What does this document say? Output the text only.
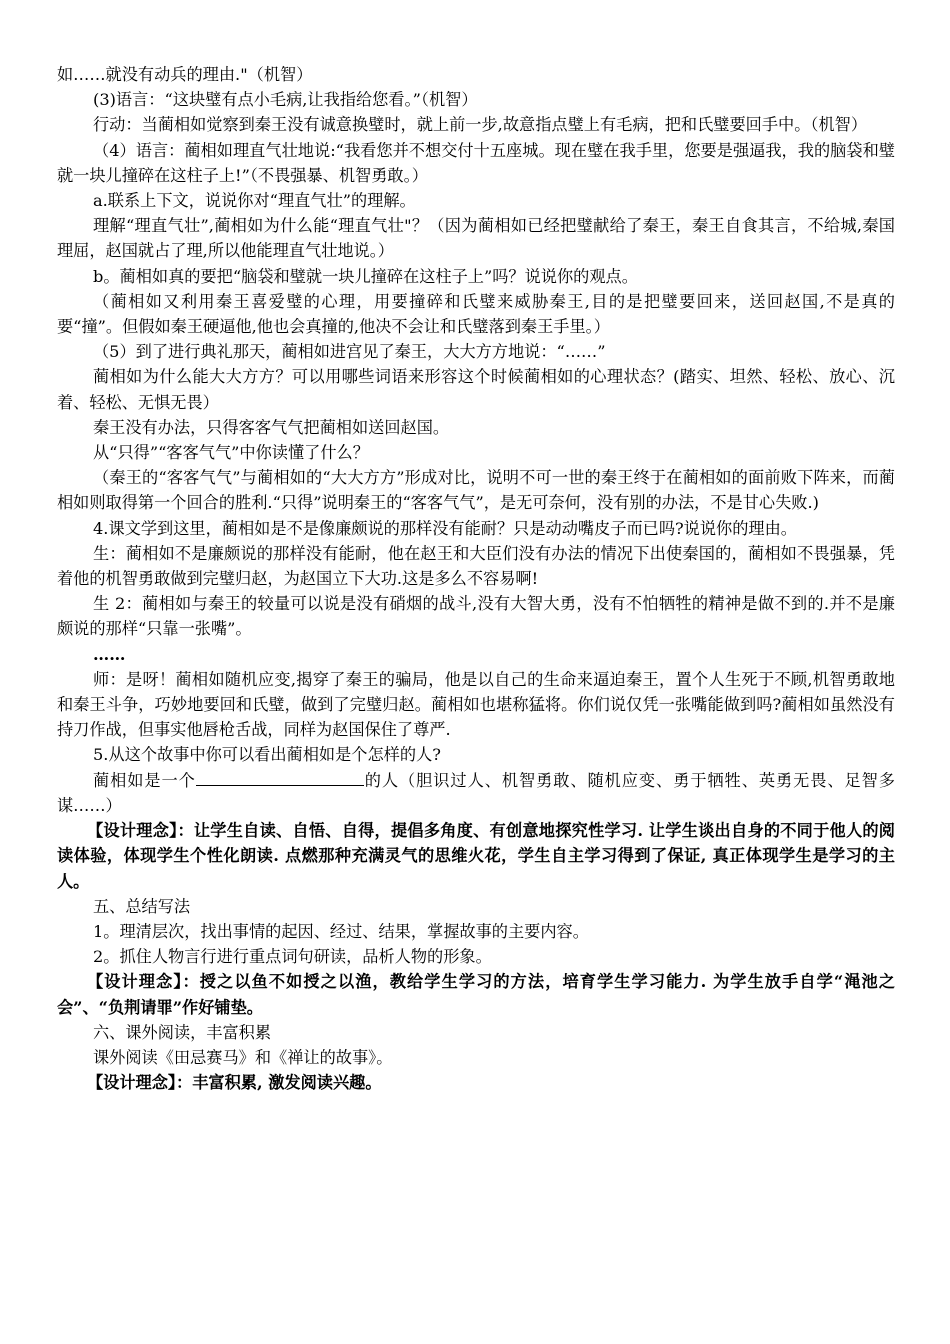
如……就没有动兵的理由."（机智）

(3)语言：“这块璧有点小毛病,让我指给您看。”（机智）

行动：当蔺相如觉察到秦王没有诚意换璧时，就上前一步,故意指点璧上有毛病，把和氏璧要回手中。（机智）

（4）语言：蔺相如理直气壮地说:“我看您并不想交付十五座城。现在璧在我手里，您要是强逼我，我的脑袋和璧就一块儿撞碎在这柱子上!”（不畏强暴、机智勇敢。）

a.联系上下文，说说你对“理直气壮”的理解。

理解“理直气壮”,蔺相如为什么能“理直气壮"？（因为蔺相如已经把璧献给了秦王，秦王自食其言，不给城,秦国理屈，赵国就占了理,所以他能理直气壮地说。）

b。蔺相如真的要把“脑袋和璧就一块儿撞碎在这柱子上”吗？说说你的观点。

（蔺相如又利用秦王喜爱璧的心理，用要撞碎和氏璧来威胁秦王,目的是把璧要回来，送回赵国,不是真的要“撞”。但假如秦王硬逼他,他也会真撞的,他决不会让和氏璧落到秦王手里。）

（5）到了进行典礼那天，蔺相如进宫见了秦王，大大方方地说：“……”

蔺相如为什么能大大方方？可以用哪些词语来形容这个时候蔺相如的心理状态？(踏实、坦然、轻松、放心、沉着、轻松、无惧无畏）

秦王没有办法，只得客客气气把蔺相如送回赵国。

从“只得”“客客气气”中你读懂了什么？

（秦王的“客客气气”与蔺相如的“大大方方”形成对比，说明不可一世的秦王终于在蔺相如的面前败下阵来，而蔺相如则取得第一个回合的胜利.“只得”说明秦王的“客客气气”，是无可奈何，没有别的办法，不是甘心失败.)

4.课文学到这里，蔺相如是不是像廉颇说的那样没有能耐？只是动动嘴皮子而已吗?说说你的理由。

生：蔺相如不是廉颇说的那样没有能耐，他在赵王和大臣们没有办法的情况下出使秦国的，蔺相如不畏强暴，凭着他的机智勇敢做到完璧归赵，为赵国立下大功.这是多么不容易啊!

生 2：蔺相如与秦王的较量可以说是没有硝烟的战斗,没有大智大勇，没有不怕牺牲的精神是做不到的.并不是廉颇说的那样“只靠一张嘴”。

……

师：是呀！蔺相如随机应变,揭穿了秦王的骗局，他是以自己的生命来逼迫秦王，置个人生死于不顾,机智勇敢地和秦王斗争，巧妙地要回和氏璧，做到了完璧归赵。蔺相如也堪称猛将。你们说仅凭一张嘴能做到吗?蔺相如虽然没有持刀作战，但事实他唇枪舌战，同样为赵国保住了尊严.

5.从这个故事中你可以看出蔺相如是个怎样的人?

蔺相如是一个	的人（胆识过人、机智勇敢、随机应变、勇于牺牲、英勇无畏、足智多谋……）

【设计理念】：让学生自读、自悟、自得，提倡多角度、有创意地探究性学习. 让学生谈出自身的不同于他人的阅读体验，体现学生个性化朗读. 点燃那种充满灵气的思维火花，学生自主学习得到了保证, 真正体现学生是学习的主人。

五、总结写法

1。理清层次，找出事情的起因、经过、结果，掌握故事的主要内容。

2。抓住人物言行进行重点词句研读，品析人物的形象。

【设计理念】：授之以鱼不如授之以渔，教给学生学习的方法，培育学生学习能力. 为学生放手自学“渑池之会”、“负荆请罪”作好铺垫。

六、课外阅读，丰富积累

课外阅读《田忌赛马》和《禅让的故事》。

【设计理念】：丰富积累, 激发阅读兴趣。
